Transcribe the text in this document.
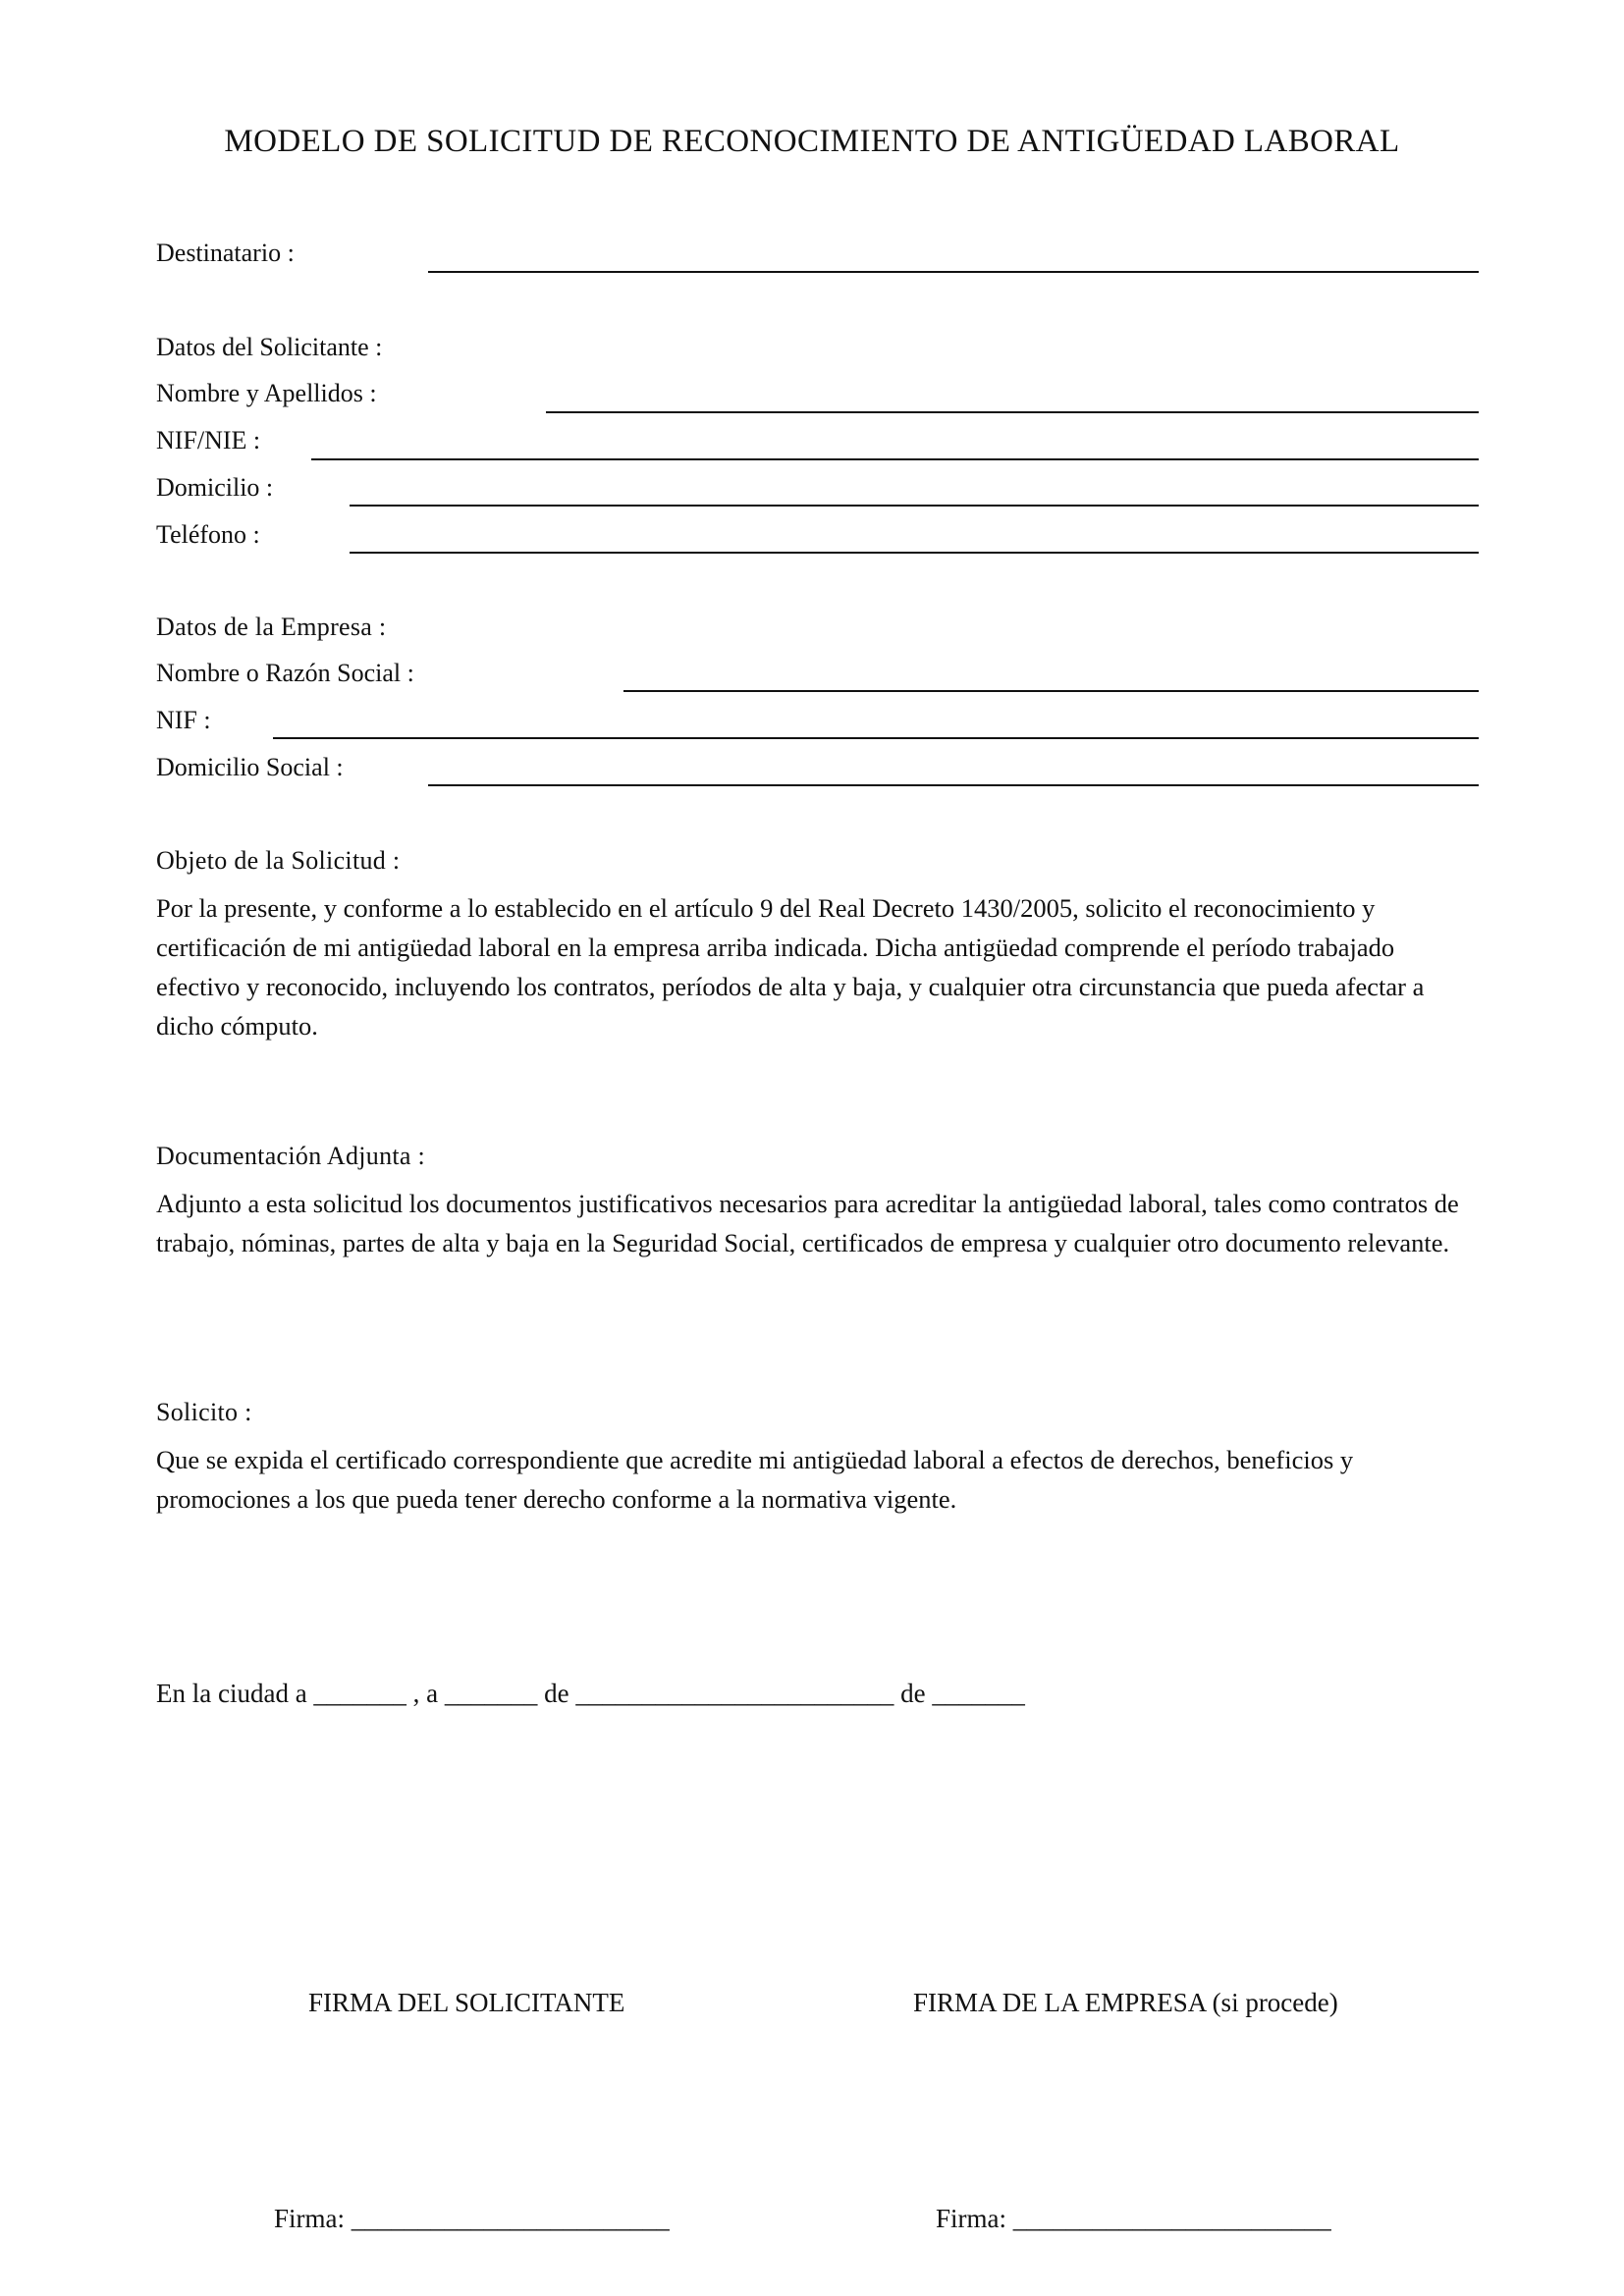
MODELO DE SOLICITUD DE RECONOCIMIENTO DE ANTIGÜEDAD LABORAL
Destinatario :
Datos del Solicitante :
Nombre y Apellidos :
NIF/NIE :
Domicilio :
Teléfono :
Datos de la Empresa :
Nombre o Razón Social :
NIF :
Domicilio Social :
Objeto de la Solicitud :

Por la presente, y conforme a lo establecido en el artículo 9 del Real Decreto 1430/2005, solicito el reconocimiento y certificación de mi antigüedad laboral en la empresa arriba indicada. Dicha antigüedad comprende el período trabajado efectivo y reconocido, incluyendo los contratos, períodos de alta y baja, y cualquier otra circunstancia que pueda afectar a dicho cómputo.

Documentación Adjunta :

Adjunto a esta solicitud los documentos justificativos necesarios para acreditar la antigüedad laboral, tales como contratos de trabajo, nóminas, partes de alta y baja en la Seguridad Social, certificados de empresa y cualquier otro documento relevante.

Solicito :

Que se expida el certificado correspondiente que acredite mi antigüedad laboral a efectos de derechos, beneficios y promociones a los que pueda tener derecho conforme a la normativa vigente.

En la ciudad a _______ , a _______ de ________________________ de _______
FIRMA DEL SOLICITANTE	FIRMA DE LA EMPRESA (si procede)
Firma: ________________________	Firma: ________________________
